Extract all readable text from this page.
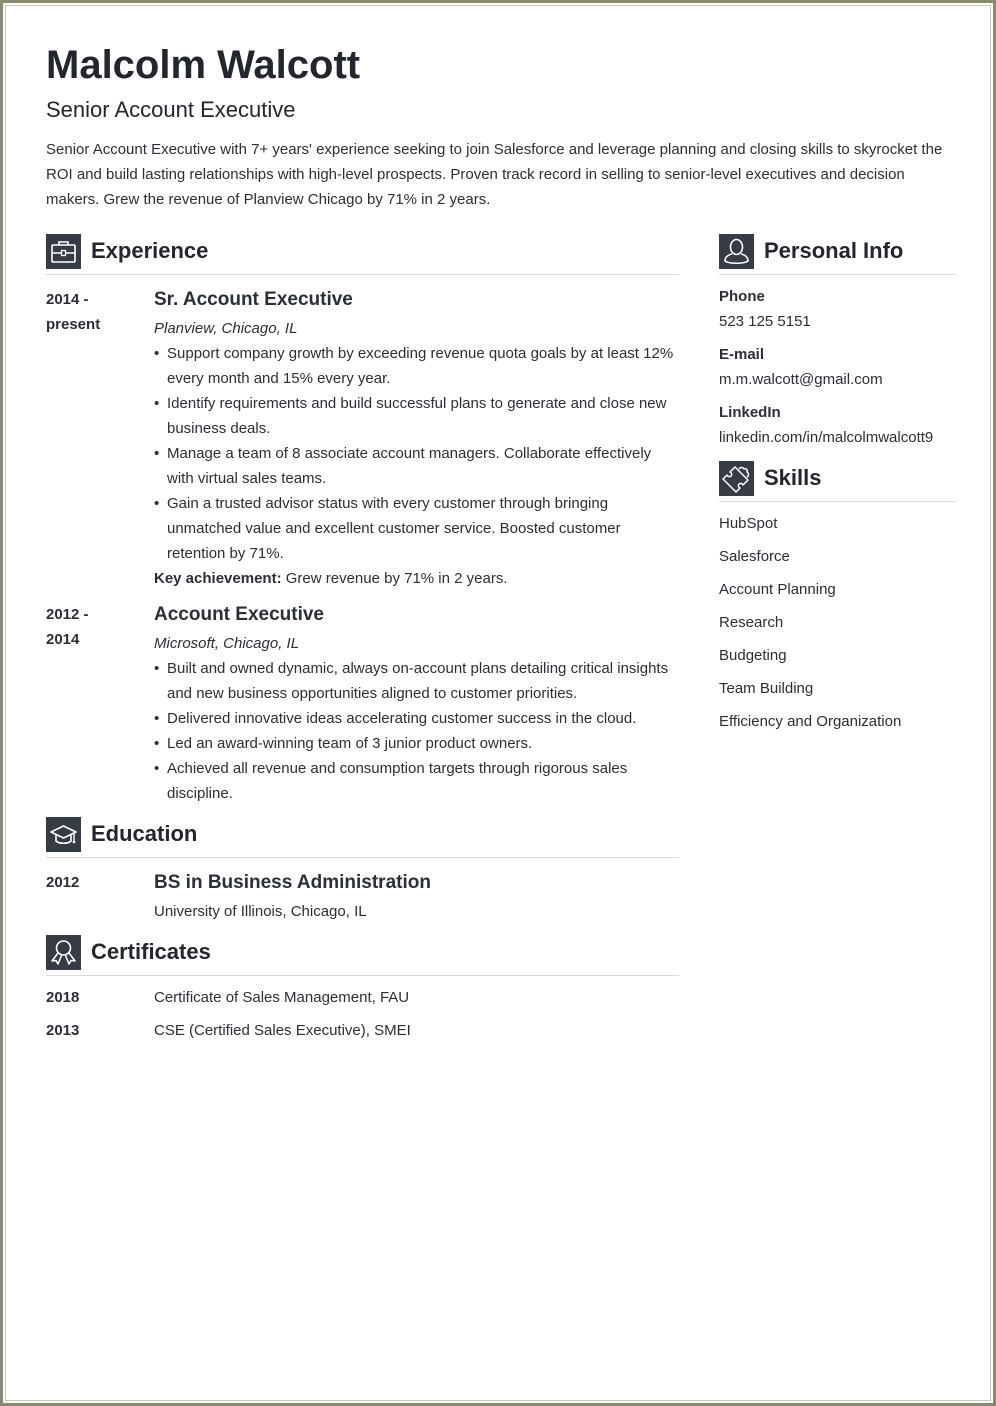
Malcolm Walcott
Senior Account Executive

Senior Account Executive with 7+ years' experience seeking to join Salesforce and leverage planning and closing skills to skyrocket the ROI and build lasting relationships with high-level prospects. Proven track record in selling to senior-level executives and decision makers. Grew the revenue of Planview Chicago by 71% in 2 years.

Experience
2014 -
present
Sr. Account Executive
Planview, Chicago, IL
• Support company growth by exceeding revenue quota goals by at least 12% every month and 15% every year.
• Identify requirements and build successful plans to generate and close new business deals.
• Manage a team of 8 associate account managers. Collaborate effectively with virtual sales teams.
• Gain a trusted advisor status with every customer through bringing unmatched value and excellent customer service. Boosted customer retention by 71%.
Key achievement: Grew revenue by 71% in 2 years.
2012 -
2014
Account Executive
Microsoft, Chicago, IL
• Built and owned dynamic, always on-account plans detailing critical insights and new business opportunities aligned to customer priorities.
• Delivered innovative ideas accelerating customer success in the cloud.
• Led an award-winning team of 3 junior product owners.
• Achieved all revenue and consumption targets through rigorous sales discipline.
Education
2012	BS in Business Administration
University of Illinois, Chicago, IL
Certificates
2018	Certificate of Sales Management, FAU
2013	CSE (Certified Sales Executive), SMEI
Personal Info
Phone
523 125 5151
E-mail
m.m.walcott@gmail.com
LinkedIn
linkedin.com/in/malcolmwalcott9
Skills
HubSpot
Salesforce
Account Planning
Research
Budgeting
Team Building
Efficiency and Organization
